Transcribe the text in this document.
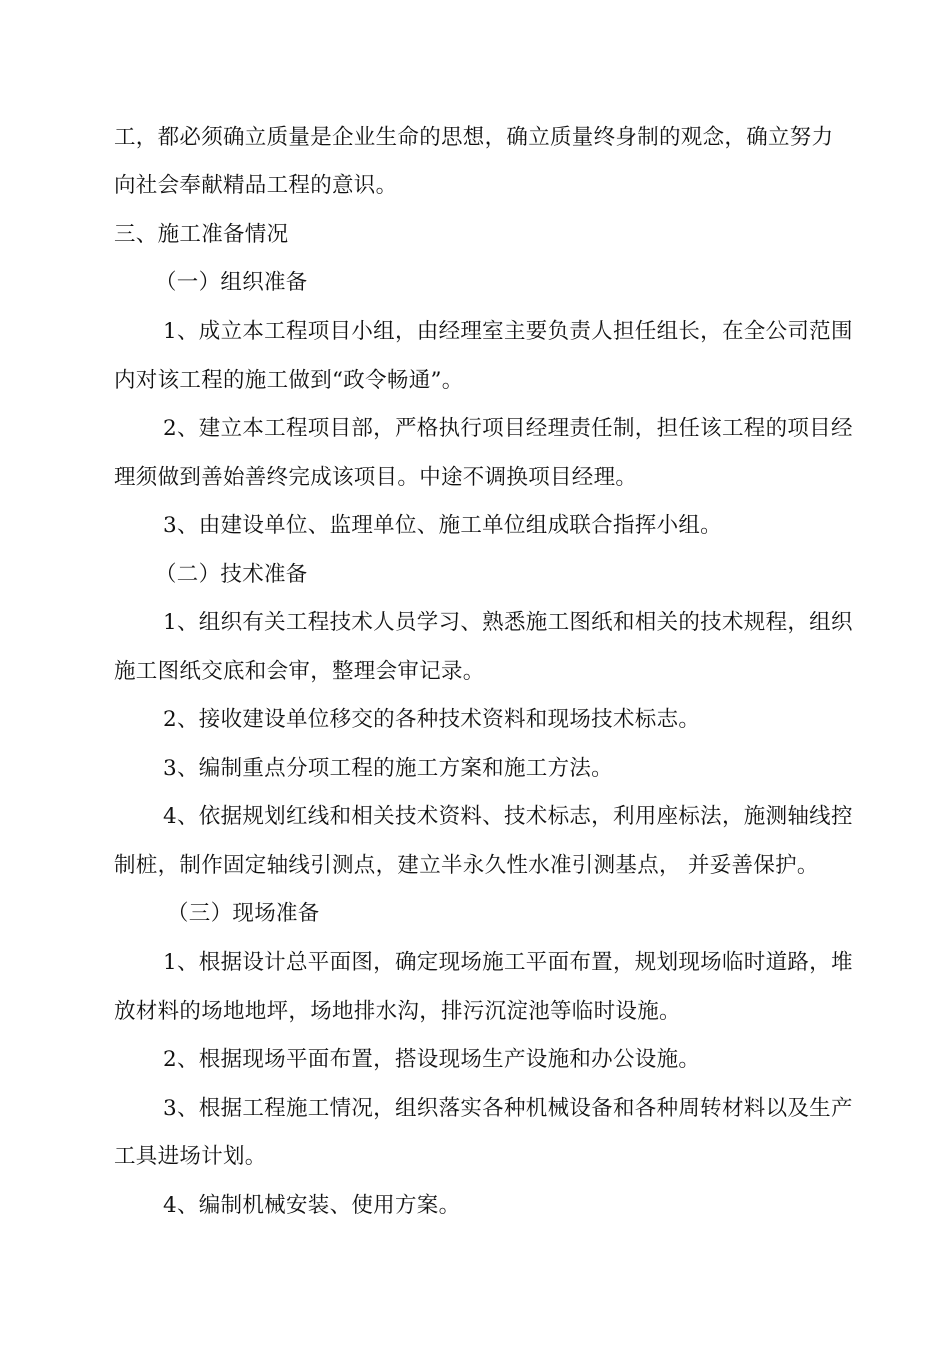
工，都必须确立质量是企业生命的思想，确立质量终身制的观念，确立努力
向社会奉献精品工程的意识。
三、施工准备情况
（一）组织准备
1、成立本工程项目小组，由经理室主要负责人担任组长，在全公司范围
内对该工程的施工做到“政令畅通”。
2、建立本工程项目部，严格执行项目经理责任制，担任该工程的项目经
理须做到善始善终完成该项目。中途不调换项目经理。
3、由建设单位、监理单位、施工单位组成联合指挥小组。
（二）技术准备
1、组织有关工程技术人员学习、熟悉施工图纸和相关的技术规程，组织
施工图纸交底和会审，整理会审记录。
2、接收建设单位移交的各种技术资料和现场技术标志。
3、编制重点分项工程的施工方案和施工方法。
4、依据规划红线和相关技术资料、技术标志，利用座标法，施测轴线控
制桩，制作固定轴线引测点，建立半永久性水准引测基点， 并妥善保护。
（三）现场准备
1、根据设计总平面图，确定现场施工平面布置，规划现场临时道路，堆
放材料的场地地坪，场地排水沟，排污沉淀池等临时设施。
2、根据现场平面布置，搭设现场生产设施和办公设施。
3、根据工程施工情况，组织落实各种机械设备和各种周转材料以及生产
工具进场计划。
4、编制机械安装、使用方案。
